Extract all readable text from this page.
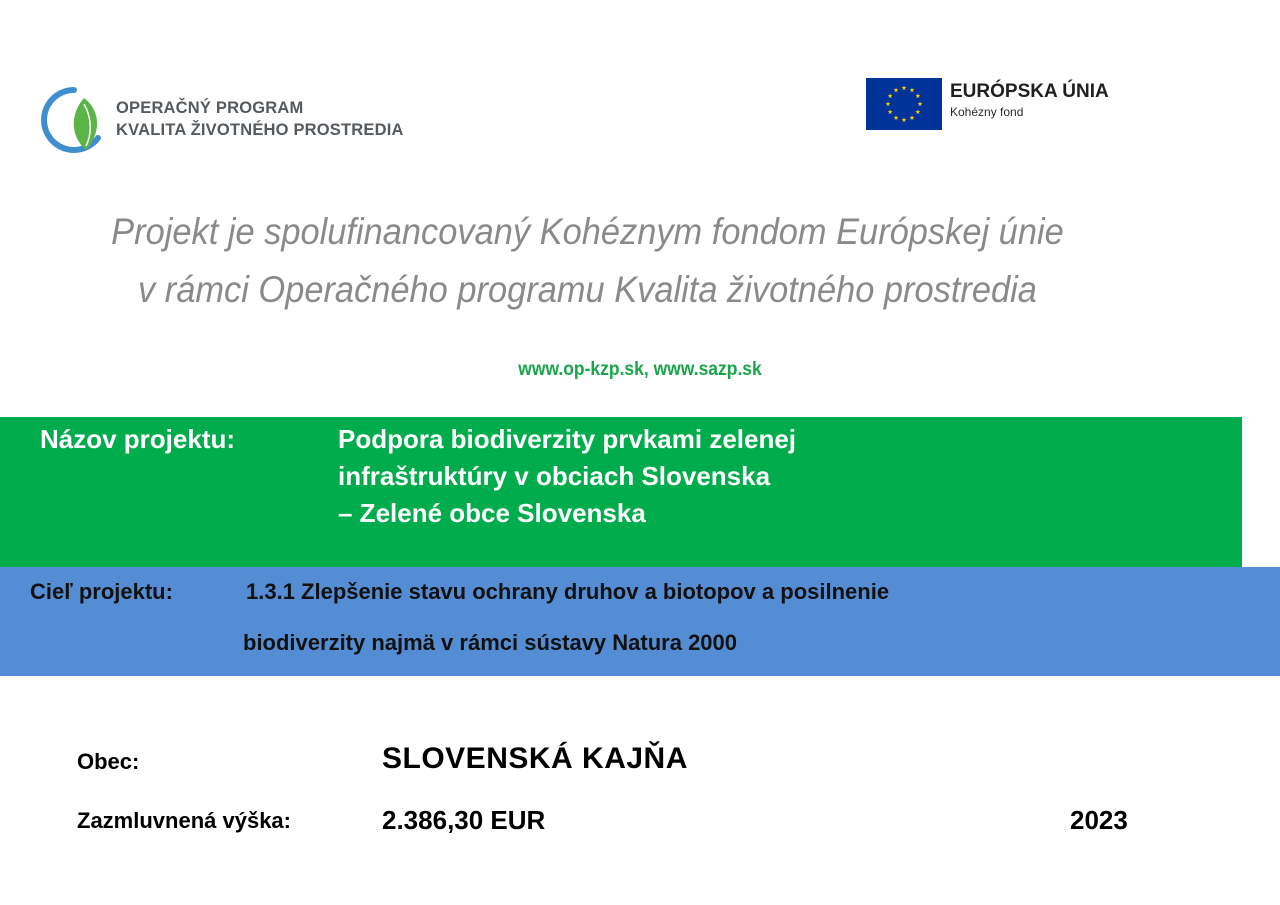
OPERAČNÝ PROGRAM
KVALITA ŽIVOTNÉHO PROSTREDIA
EURÓPSKA ÚNIA
Kohézny fond
Projekt je spolufinancovaný Kohéznym fondom Európskej únie
v rámci Operačného programu Kvalita životného prostredia
www.op-kzp.sk, www.sazp.sk
Názov projektu:	Podpora biodiverzity prvkami zelenej
infraštruktúry v obciach Slovenska
– Zelené obce Slovenska
Cieľ projektu:	1.3.1 Zlepšenie stavu ochrany druhov a biotopov a posilnenie
biodiverzity najmä v rámci sústavy Natura 2000
Obec:	SLOVENSKÁ KAJŇA
Zazmluvnená výška:	2.386,30 EUR	2023
